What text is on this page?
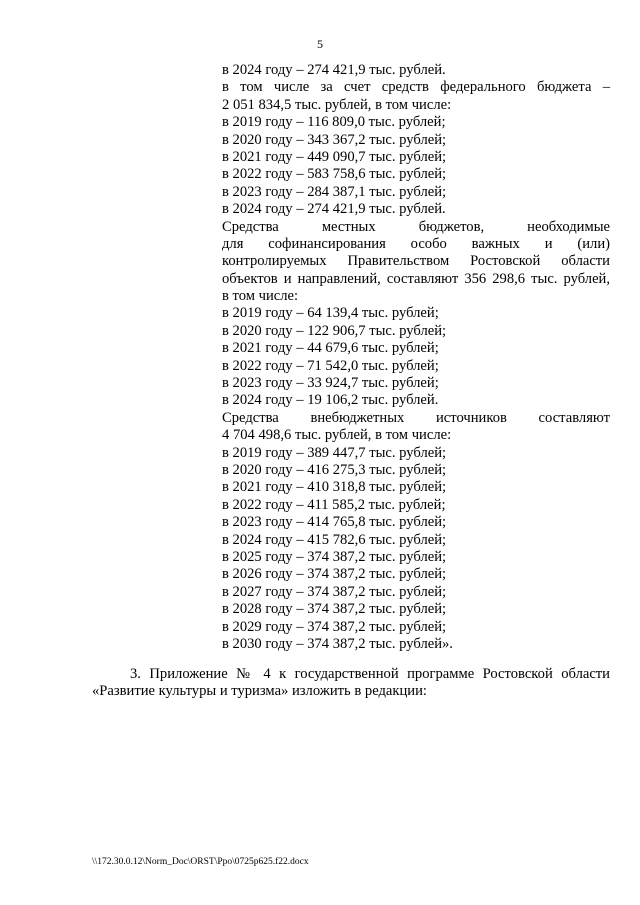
5
в 2024 году – 274 421,9 тыс. рублей.
в том числе за счет средств федерального бюджета –
2 051 834,5 тыс. рублей, в том числе:
в 2019 году – 116 809,0 тыс. рублей;
в 2020 году – 343 367,2 тыс. рублей;
в 2021 году – 449 090,7 тыс. рублей;
в 2022 году – 583 758,6 тыс. рублей;
в 2023 году – 284 387,1 тыс. рублей;
в 2024 году – 274 421,9 тыс. рублей.
Средства местных бюджетов, необходимые
для софинансирования особо важных и (или)
контролируемых Правительством Ростовской области
объектов и направлений, составляют 356 298,6 тыс. рублей,
в том числе:
в 2019 году – 64 139,4 тыс. рублей;
в 2020 году – 122 906,7 тыс. рублей;
в 2021 году – 44 679,6 тыс. рублей;
в 2022 году – 71 542,0 тыс. рублей;
в 2023 году – 33 924,7 тыс. рублей;
в 2024 году – 19 106,2 тыс. рублей.
Средства внебюджетных источников составляют
4 704 498,6 тыс. рублей, в том числе:
в 2019 году – 389 447,7 тыс. рублей;
в 2020 году – 416 275,3 тыс. рублей;
в 2021 году – 410 318,8 тыс. рублей;
в 2022 году – 411 585,2 тыс. рублей;
в 2023 году – 414 765,8 тыс. рублей;
в 2024 году – 415 782,6 тыс. рублей;
в 2025 году – 374 387,2 тыс. рублей;
в 2026 году – 374 387,2 тыс. рублей;
в 2027 году – 374 387,2 тыс. рублей;
в 2028 году – 374 387,2 тыс. рублей;
в 2029 году – 374 387,2 тыс. рублей;
в 2030 году – 374 387,2 тыс. рублей».
3. Приложение № 4 к государственной программе Ростовской области
«Развитие культуры и туризма» изложить в редакции:
\\172.30.0.12\Norm_Doc\ORST\Ppo\0725p625.f22.docx
